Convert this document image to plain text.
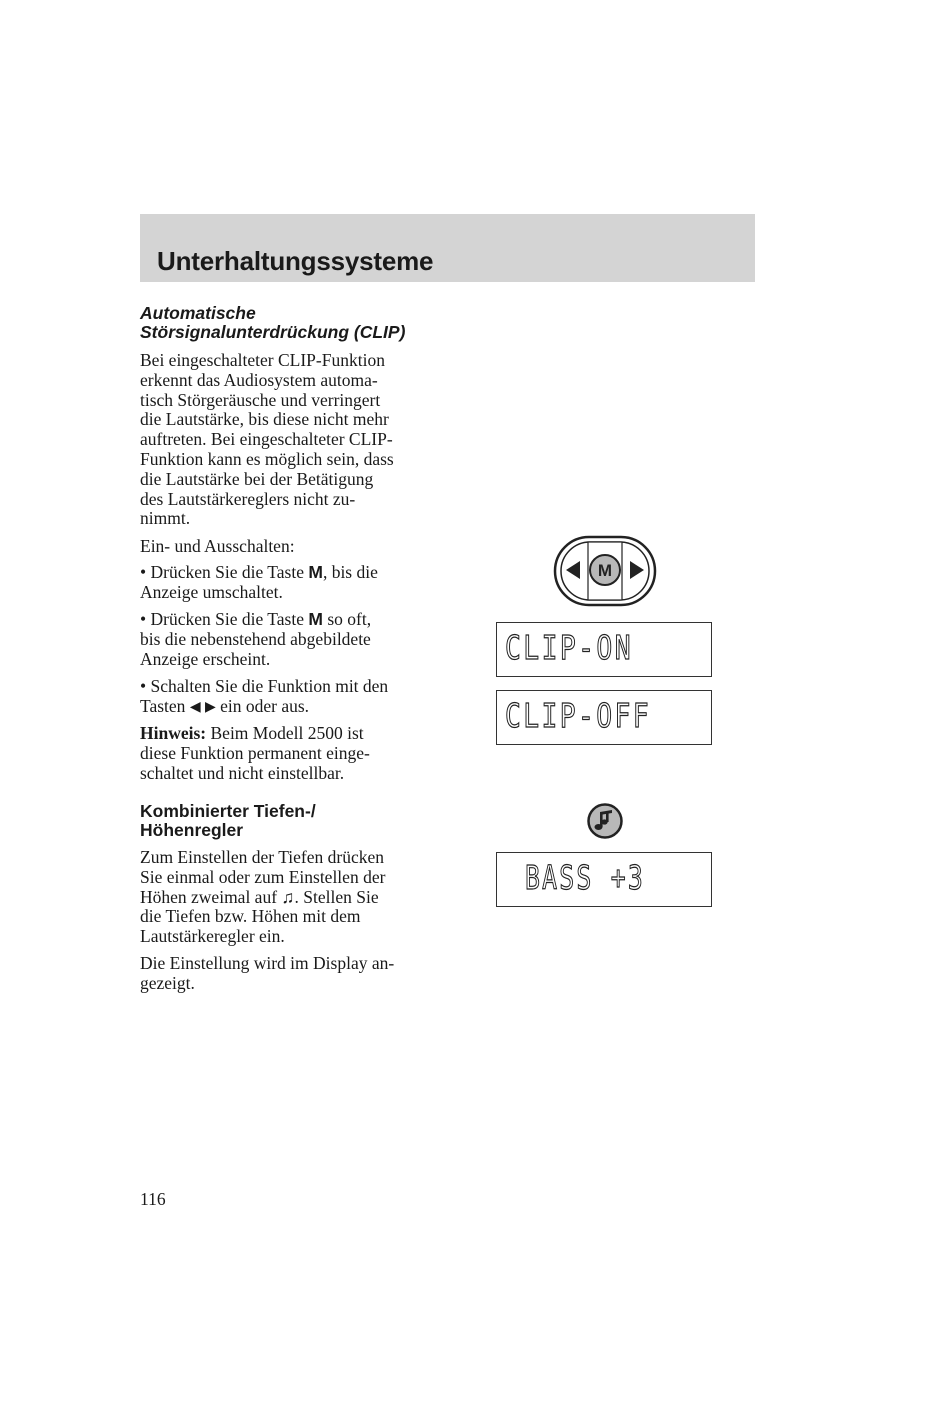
Unterhaltungssysteme
Automatische
Störsignalunterdrückung (CLIP)

Bei eingeschalteter CLIP-Funktion

erkennt das Audiosystem automa-

tisch Störgeräusche und verringert

die Lautstärke, bis diese nicht mehr

auftreten. Bei eingeschalteter CLIP-

Funktion kann es möglich sein, dass

die Lautstärke bei der Betätigung

des Lautstärkereglers nicht zu-

nimmt.

Ein- und Ausschalten:

• Drücken Sie die Taste M, bis die

Anzeige umschaltet.

• Drücken Sie die Taste M so oft,

bis die nebenstehend abgebildete

Anzeige erscheint.

• Schalten Sie die Funktion mit den

Tasten ◀ ▶ ein oder aus.

Hinweis: Beim Modell 2500 ist

diese Funktion permanent einge-

schaltet und nicht einstellbar.

Kombinierter Tiefen-/
Höhenregler

Zum Einstellen der Tiefen drücken

Sie einmal oder zum Einstellen der

Höhen zweimal auf ♫. Stellen Sie

die Tiefen bzw. Höhen mit dem

Lautstärkeregler ein.

Die Einstellung wird im Display an-

gezeigt.

M
CLIP-ON
CLIP-OFF
BASS +3
116
